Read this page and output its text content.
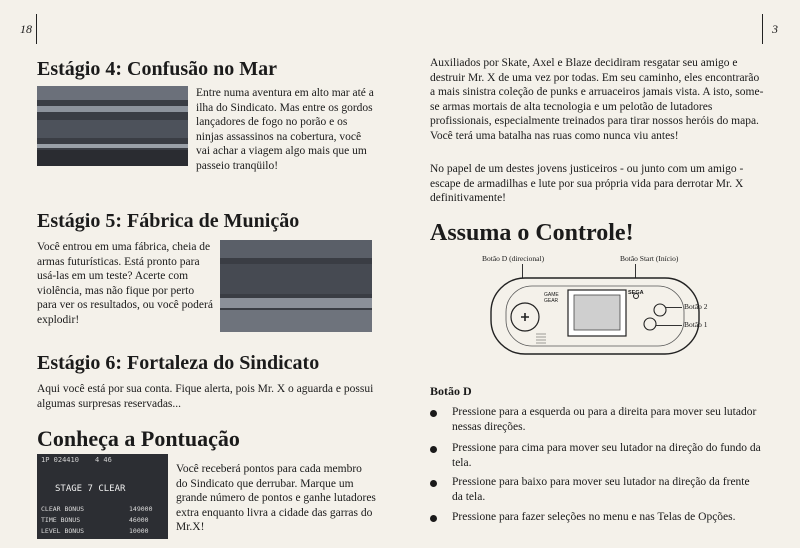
18
Estágio 4: Confusão no Mar

Entre numa aventura em alto mar até a ilha do Sindicato. Mas entre os gordos lançadores de fogo no porão e os ninjas assassinos na cobertura, você vai achar a viagem algo mais que um passeio tranqüilo!

Estágio 5: Fábrica de Munição

Você entrou em uma fábrica, cheia de armas futurísticas. Está pronto para usá-las em um teste? Acerte com violência, mas não fique por perto para ver os resultados, ou você poderá explodir!

Estágio 6: Fortaleza do Sindicato

Aqui você está por sua conta. Fique alerta, pois Mr. X o aguarda e possui algumas surpresas reservadas...

Conheça a Pontuação
1P 024410 4 46
STAGE 7 CLEAR
CLEAR BONUS	149000
TIME BONUS	46000
LEVEL BONUS	10000

Você receberá pontos para cada membro do Sindicato que derrubar. Marque um grande número de pontos e ganhe lutadores extra enquanto livra a cidade das garras do Mr.X!

3

Auxiliados por Skate, Axel e Blaze decidiram resgatar seu amigo e destruir Mr. X de uma vez por todas. Em seu caminho, eles encontrarão a mais sinistra coleção de punks e arruaceiros jamais vista. A isto, some-se armas mortais de alta tecnologia e um pelotão de lutadores profissionais, especialmente treinados para tirar nossos heróis do mapa. Você terá uma batalha nas ruas como nunca viu antes!

No papel de um destes jovens justiceiros - ou junto com um amigo - escape de armadilhas e lute por sua própria vida para derrotar Mr. X definitivamente!

Assuma o Controle!
Botão D (direcional)	Botão Start (Início)
GAME GEAR
SEGA
Botão 2
Botão 1
Botão D

Pressione para a esquerda ou para a direita para mover seu lutador nessas direções.

Pressione para cima para mover seu lutador na direção do fundo da tela.

Pressione para baixo para mover seu lutador na direção da frente da tela.

Pressione para fazer seleções no menu e nas Telas de Opções.
